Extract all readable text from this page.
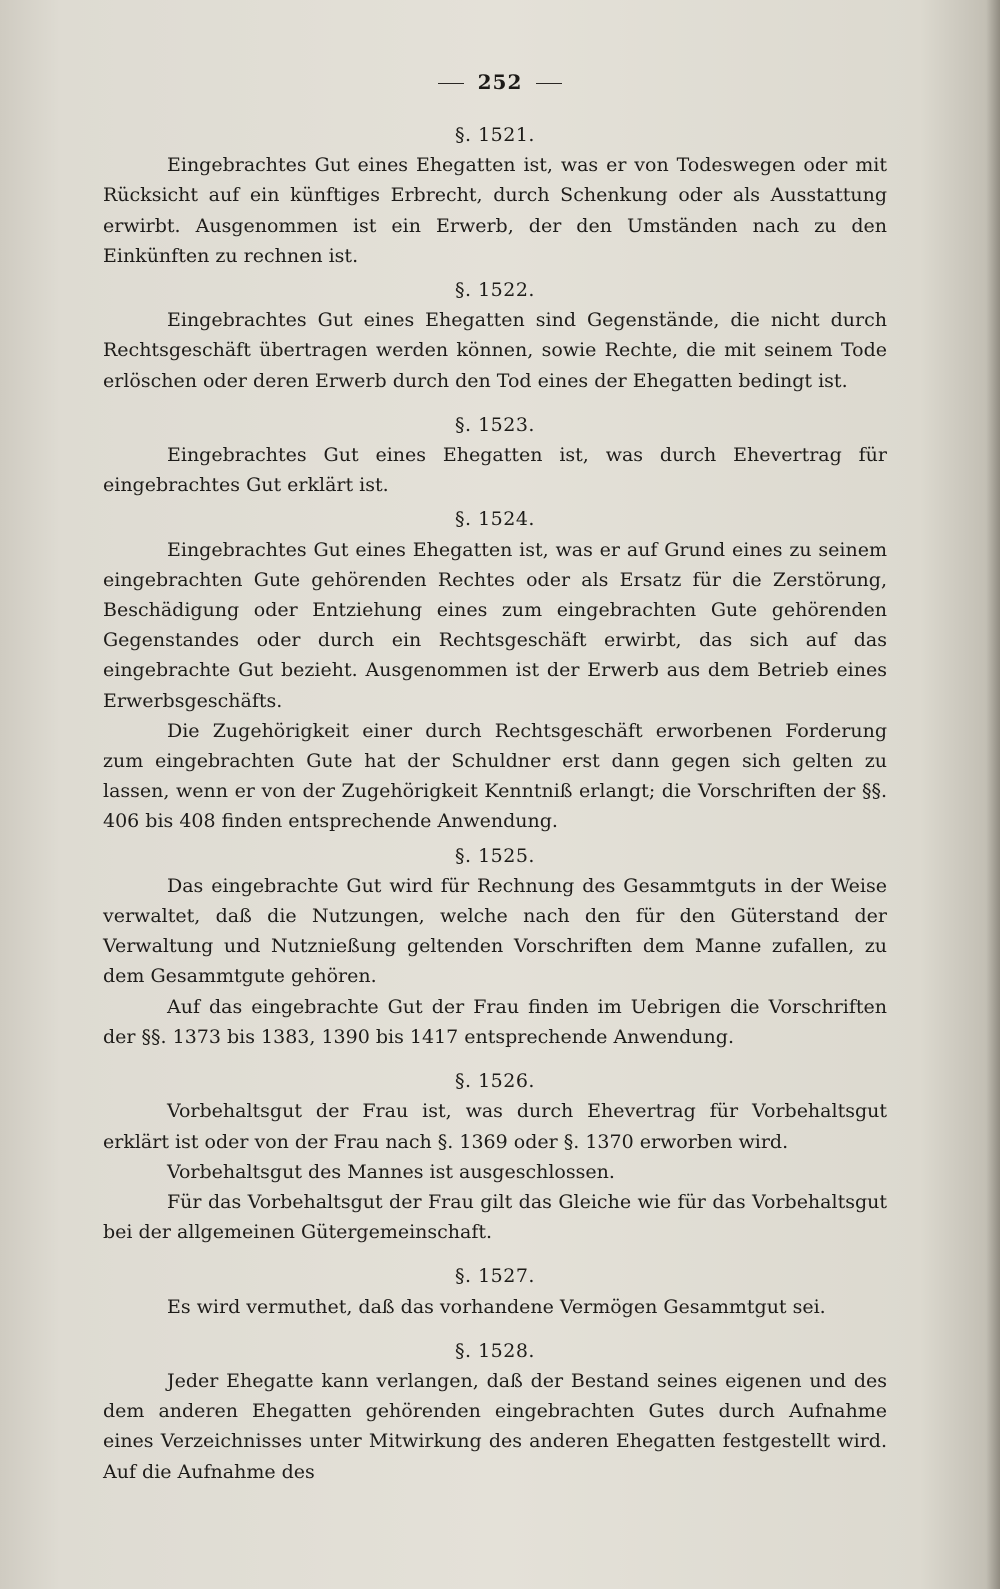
252

§. 1521.

Eingebrachtes Gut eines Ehegatten ist, was er von Todeswegen oder mit Rücksicht auf ein künftiges Erbrecht, durch Schenkung oder als Ausstattung erwirbt. Ausgenommen ist ein Erwerb, der den Umständen nach zu den Einkünften zu rechnen ist.

§. 1522.

Eingebrachtes Gut eines Ehegatten sind Gegenstände, die nicht durch Rechtsgeschäft übertragen werden können, sowie Rechte, die mit seinem Tode erlöschen oder deren Erwerb durch den Tod eines der Ehegatten bedingt ist.

§. 1523.

Eingebrachtes Gut eines Ehegatten ist, was durch Ehevertrag für eingebrachtes Gut erklärt ist.

§. 1524.

Eingebrachtes Gut eines Ehegatten ist, was er auf Grund eines zu seinem eingebrachten Gute gehörenden Rechtes oder als Ersatz für die Zerstörung, Beschädigung oder Entziehung eines zum eingebrachten Gute gehörenden Gegenstandes oder durch ein Rechtsgeschäft erwirbt, das sich auf das eingebrachte Gut bezieht. Ausgenommen ist der Erwerb aus dem Betrieb eines Erwerbsgeschäfts.

Die Zugehörigkeit einer durch Rechtsgeschäft erworbenen Forderung zum eingebrachten Gute hat der Schuldner erst dann gegen sich gelten zu lassen, wenn er von der Zugehörigkeit Kenntniß erlangt; die Vorschriften der §§. 406 bis 408 finden entsprechende Anwendung.

§. 1525.

Das eingebrachte Gut wird für Rechnung des Gesammtguts in der Weise verwaltet, daß die Nutzungen, welche nach den für den Güterstand der Verwaltung und Nutznießung geltenden Vorschriften dem Manne zufallen, zu dem Gesammtgute gehören.

Auf das eingebrachte Gut der Frau finden im Uebrigen die Vorschriften der §§. 1373 bis 1383, 1390 bis 1417 entsprechende Anwendung.

§. 1526.

Vorbehaltsgut der Frau ist, was durch Ehevertrag für Vorbehaltsgut erklärt ist oder von der Frau nach §. 1369 oder §. 1370 erworben wird.

Vorbehaltsgut des Mannes ist ausgeschlossen.

Für das Vorbehaltsgut der Frau gilt das Gleiche wie für das Vorbehaltsgut bei der allgemeinen Gütergemeinschaft.

§. 1527.

Es wird vermuthet, daß das vorhandene Vermögen Gesammtgut sei.

§. 1528.

Jeder Ehegatte kann verlangen, daß der Bestand seines eigenen und des dem anderen Ehegatten gehörenden eingebrachten Gutes durch Aufnahme eines Verzeichnisses unter Mitwirkung des anderen Ehegatten festgestellt wird. Auf die Aufnahme des
